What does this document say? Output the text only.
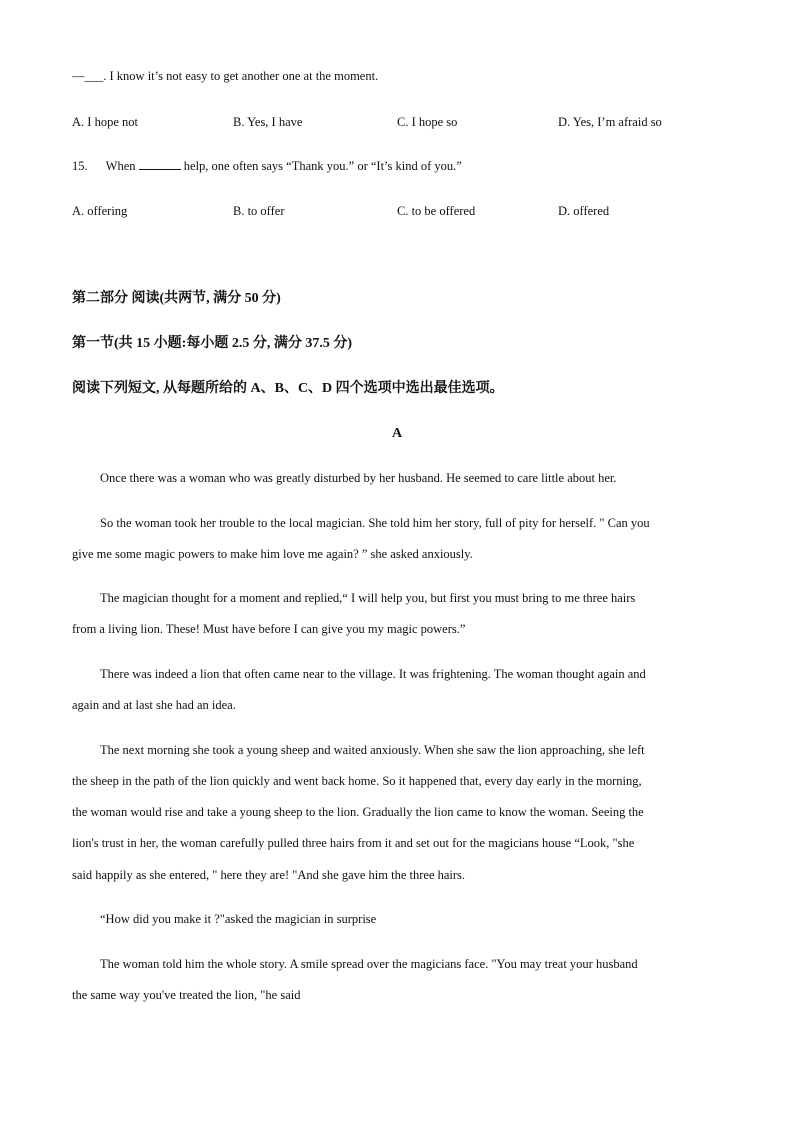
—___. I know it’s not easy to get another one at the moment.
A. I hope not	B. Yes, I have	C. I hope so	D. Yes, I’m afraid so
15. When	help, one often says “Thank you.” or “It’s kind of you.”
A. offering	B. to offer	C. to be offered	D. offered
第二部分 阅读(共两节, 满分 50 分)
第一节(共 15 小题:每小题 2.5 分, 满分 37.5 分)
阅读下列短文, 从每题所给的 A、B、C、D 四个选项中选出最佳选项。
A
Once there was a woman who was greatly disturbed by her husband. He seemed to care little about her.
So the woman took her trouble to the local magician. She told him her story, full of pity for herself. " Can you
give me some magic powers to make him love me again? ” she asked anxiously.
The magician thought for a moment and replied,“ I will help you, but first you must bring to me three hairs
from a living lion. These! Must have before I can give you my magic powers.”
There was indeed a lion that often came near to the village. It was frightening. The woman thought again and
again and at last she had an idea.
The next morning she took a young sheep and waited anxiously. When she saw the lion approaching, she left
the sheep in the path of the lion quickly and went back home. So it happened that, every day early in the morning,
the woman would rise and take a young sheep to the lion. Gradually the lion came to know the woman. Seeing the
lion's trust in her, the woman carefully pulled three hairs from it and set out for the magicians house “Look, "she
said happily as she entered, " here they are! "And she gave him the three hairs.
“How did you make it ?"asked the magician in surprise
The woman told him the whole story. A smile spread over the magicians face. "You may treat your husband
the same way you've treated the lion, "he said
